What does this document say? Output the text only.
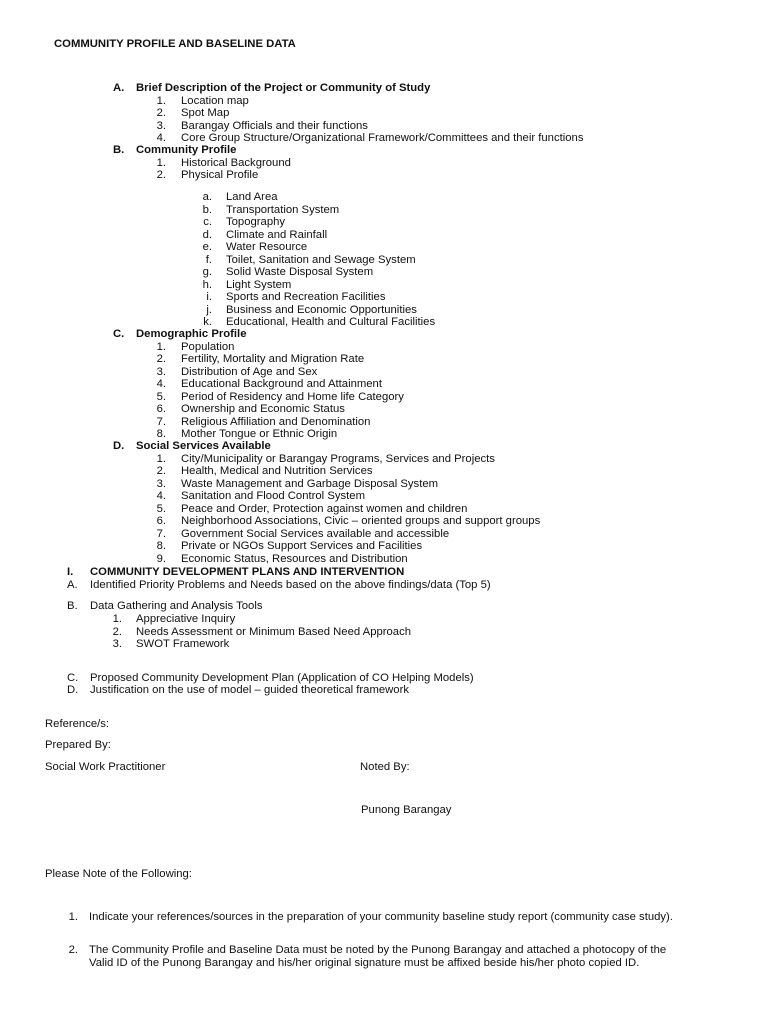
COMMUNITY PROFILE AND BASELINE DATA
A.	Brief Description of the Project or Community of Study
1. Location map
2. Spot Map
3. Barangay Officials and their functions
4. Core Group Structure/Organizational Framework/Committees and their functions
B.	Community Profile
1. Historical Background
2. Physical Profile
a. Land Area
b. Transportation System
c. Topography
d. Climate and Rainfall
e. Water Resource
f. Toilet, Sanitation and Sewage System
g. Solid Waste Disposal System
h. Light System
i. Sports and Recreation Facilities
j. Business and Economic Opportunities
k. Educational, Health and Cultural Facilities
C.	Demographic Profile
1. Population
2. Fertility, Mortality and Migration Rate
3. Distribution of Age and Sex
4. Educational Background and Attainment
5. Period of Residency and Home life Category
6. Ownership and Economic Status
7. Religious Affiliation and Denomination
8. Mother Tongue or Ethnic Origin
D.	Social Services Available
1. City/Municipality or Barangay Programs, Services and Projects
2. Health, Medical and Nutrition Services
3. Waste Management and Garbage Disposal System
4. Sanitation and Flood Control System
5. Peace and Order, Protection against women and children
6. Neighborhood Associations, Civic – oriented groups and support groups
7. Government Social Services available and accessible
8. Private or NGOs Support Services and Facilities
9. Economic Status, Resources and Distribution
I. COMMUNITY DEVELOPMENT PLANS AND INTERVENTION
A. Identified Priority Problems and Needs based on the above findings/data (Top 5)
B. Data Gathering and Analysis Tools
1. Appreciative Inquiry
2. Needs Assessment or Minimum Based Need Approach
3. SWOT Framework
C. Proposed Community Development Plan (Application of CO Helping Models)
D. Justification on the use of model – guided theoretical framework
Reference/s:
Prepared By:
Social Work Practitioner	Noted By:
Punong Barangay
Please Note of the Following:
1. Indicate your references/sources in the preparation of your community baseline study report (community case study).
2. The Community Profile and Baseline Data must be noted by the Punong Barangay and attached a photocopy of the Valid ID of the Punong Barangay and his/her original signature must be affixed beside his/her photo copied ID.
